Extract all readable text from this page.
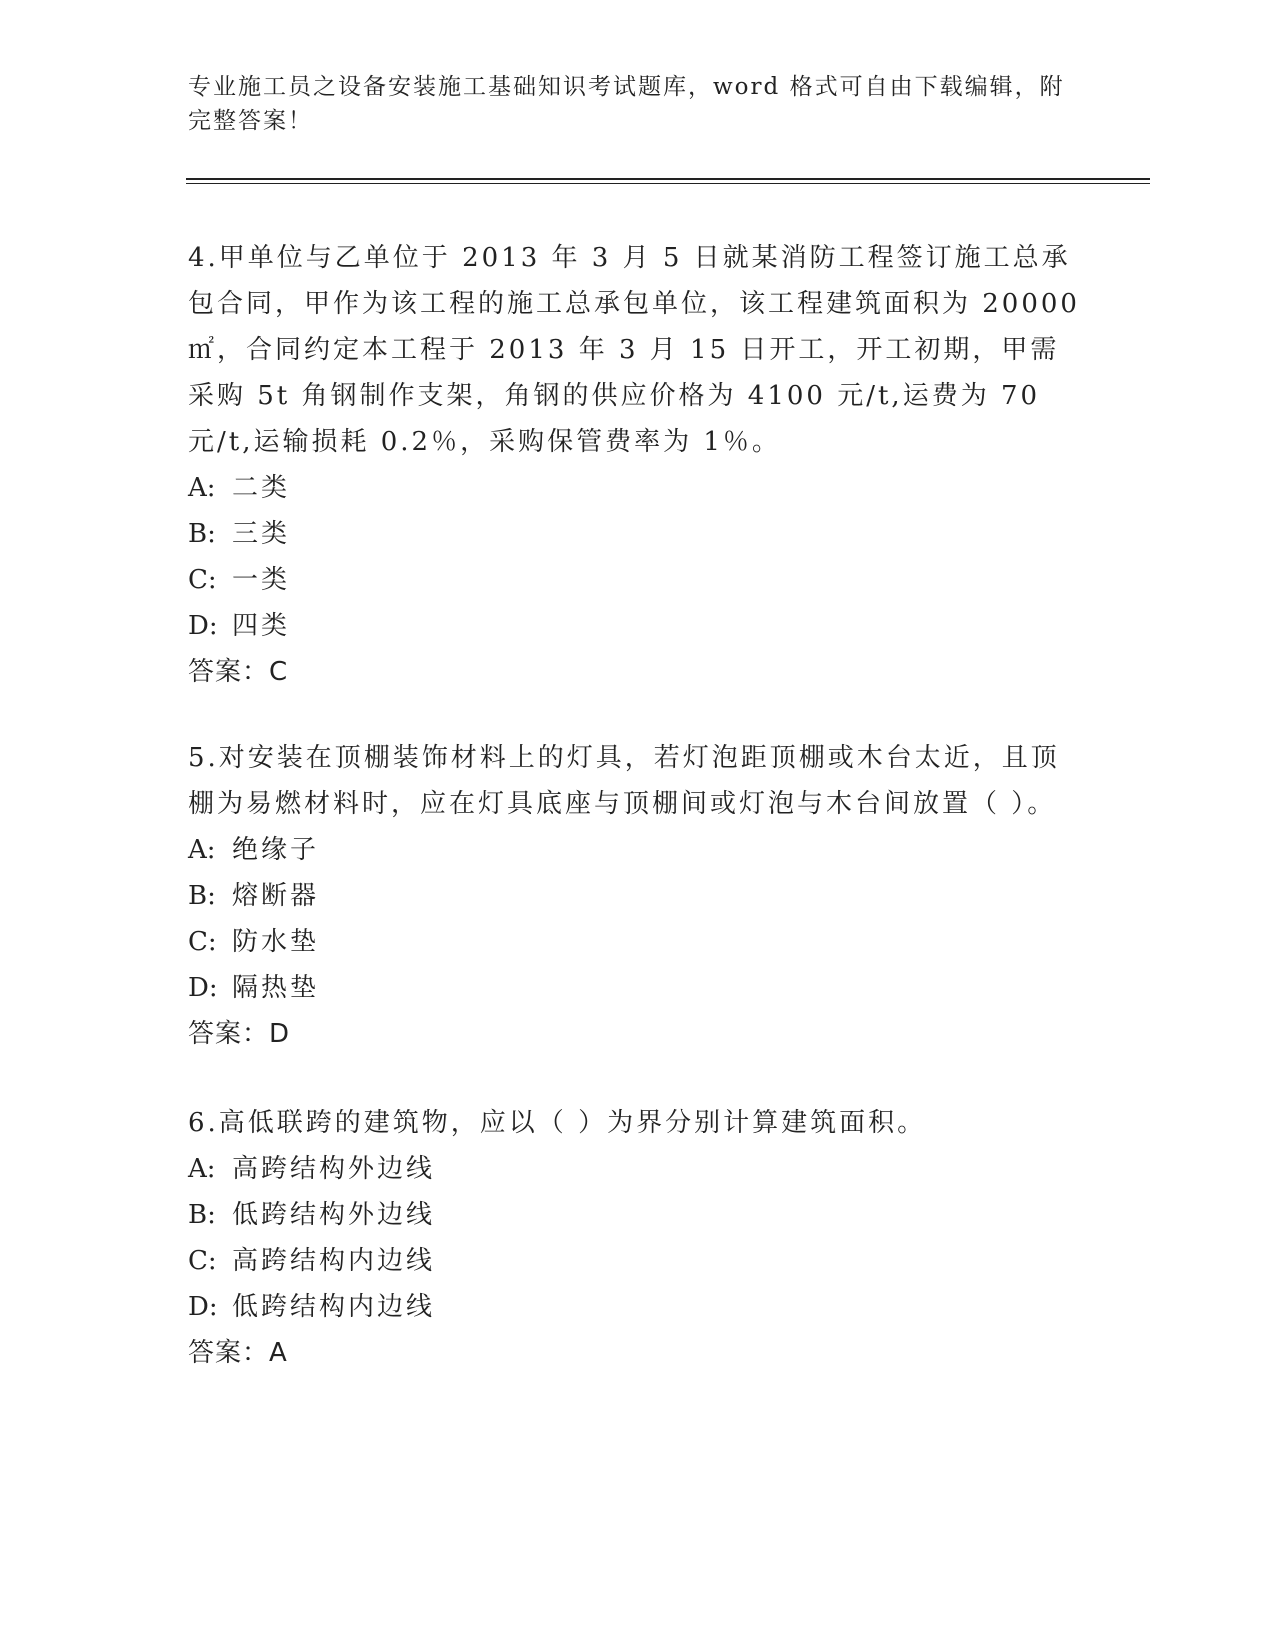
专业施工员之设备安装施工基础知识考试题库，word 格式可自由下载编辑，附完整答案！

4.甲单位与乙单位于 2013 年 3 月 5 日就某消防工程签订施工总承包合同，甲作为该工程的施工总承包单位，该工程建筑面积为 20000㎡，合同约定本工程于 2013 年 3 月 15 日开工，开工初期，甲需采购 5t 角钢制作支架，角钢的供应价格为 4100 元/t,运费为 70 元/t,运输损耗 0.2％，采购保管费率为 1％。

A: 二类
B: 三类
C: 一类
D: 四类
答案：C

5.对安装在顶棚装饰材料上的灯具，若灯泡距顶棚或木台太近，且顶棚为易燃材料时，应在灯具底座与顶棚间或灯泡与木台间放置（ ）。

A: 绝缘子
B: 熔断器
C: 防水垫
D: 隔热垫
答案：D

6.高低联跨的建筑物，应以（ ）为界分别计算建筑面积。

A: 高跨结构外边线
B: 低跨结构外边线
C: 高跨结构内边线
D: 低跨结构内边线
答案：A
